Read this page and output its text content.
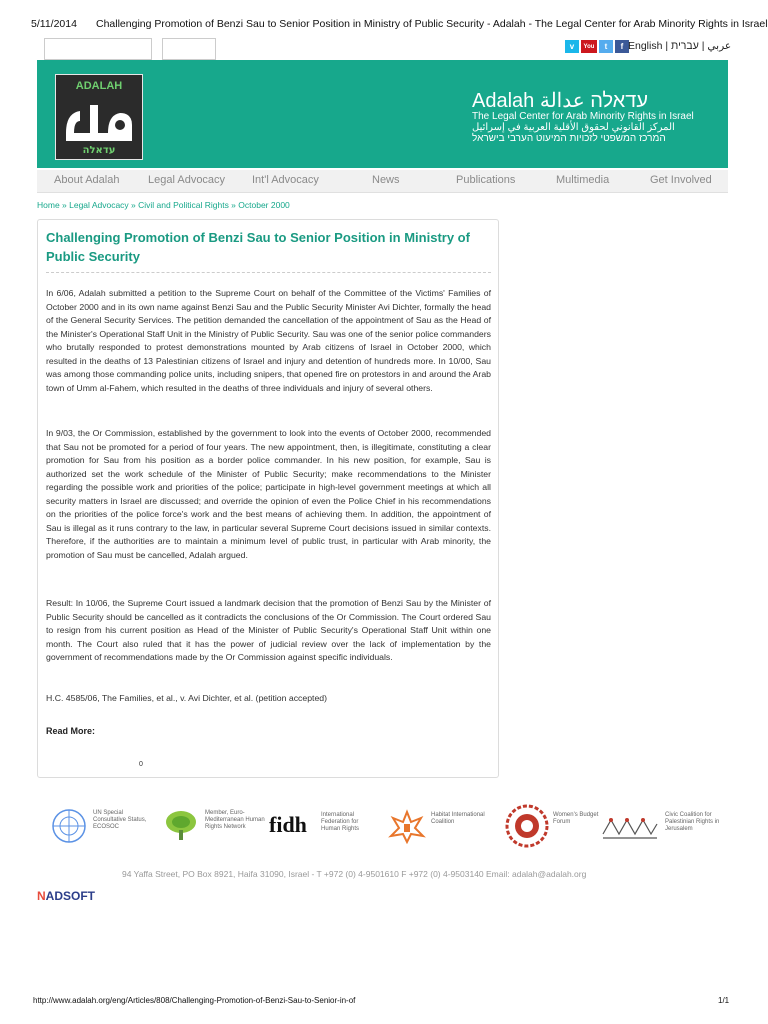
5/11/2014 Challenging Promotion of Benzi Sau to Senior Position in Ministry of Public Security - Adalah - The Legal Center for Arab Minority Rights in Israel
v	You	t	f English |	عربي | עברית
ADALAH
עדאלה
Adalah עדאלה عدالة
The Legal Center for Arab Minority Rights in Israel
المركز القانوني لحقوق الأقلية العربية في إسرائيل
המרכז המשפטי לזכויות המיעוט הערבי בישראל
About Adalah	Legal Advocacy Int'l Advocacy	News	Publications	Multimedia	Get Involved
Home » Legal Advocacy » Civil and Political Rights » October 2000
Challenging Promotion of Benzi Sau to Senior Position in Ministry of Public Security
In 6/06, Adalah submitted a petition to the Supreme Court on behalf of the Committee of the Victims' Families of October 2000 and in its own name against Benzi Sau and the Public Security Minister Avi Dichter, formally the head of the General Security Services. The petition demanded the cancellation of the appointment of Sau as the Head of the Minister's Operational Staff Unit in the Ministry of Public Security. Sau was one of the senior police commanders who brutally responded to protest demonstrations mounted by Arab citizens of Israel in October 2000, which resulted in the deaths of 13 Palestinian citizens of Israel and injury and detention of hundreds more. In 10/00, Sau was among those commanding police units, including snipers, that opened fire on protestors in and around the Arab town of Umm al-Fahem, which resulted in the deaths of three individuals and injury of several others.
In 9/03, the Or Commission, established by the government to look into the events of October 2000, recommended that Sau not be promoted for a period of four years. The new appointment, then, is illegitimate, constituting a clear promotion for Sau from his position as a border police commander. In his new position, for example, Sau is authorized set the work schedule of the Minister of Public Security; make recommendations to the Minister regarding the possible work and priorities of the police; participate in high-level government meetings at which all security matters in Israel are discussed; and override the opinion of even the Police Chief in his recommendations on the priorities of the police force's work and the best means of achieving them. In addition, the appointment of Sau is illegal as it runs contrary to the law, in particular several Supreme Court decisions issued in similar contexts. Therefore, if the authorities are to maintain a minimum level of public trust, in particular with Arab minority, the promotion of Sau must be cancelled, Adalah argued.
Result: In 10/06, the Supreme Court issued a landmark decision that the promotion of Benzi Sau by the Minister of Public Security should be cancelled as it contradicts the conclusions of the Or Commission. The Court ordered Sau to resign from his current position as Head of the Minister of Public Security's Operational Staff Unit within one month. The Court also ruled that it has the power of judicial review over the lack of implementation by the government of recommendations made by the Or Commission against specific individuals.
H.C. 4585/06, The Families, et al., v. Avi Dichter, et al. (petition accepted)
Read More:
0
UN Special Consultative Status, ECOSOC
Member, Euro-Mediterranean Human Rights Network	fidh International Federation for Human Rights
Habitat International Coalition
Women's Budget Forum
Civic Coalition for Palestinian Rights in Jerusalem
94 Yaffa Street, PO Box 8921, Haifa 31090, Israel - T +972 (0) 4-9501610 F +972 (0) 4-9503140 Email: adalah@adalah.org
NADSOFT
http://www.adalah.org/eng/Articles/808/Challenging-Promotion-of-Benzi-Sau-to-Senior-in-of	1/1
